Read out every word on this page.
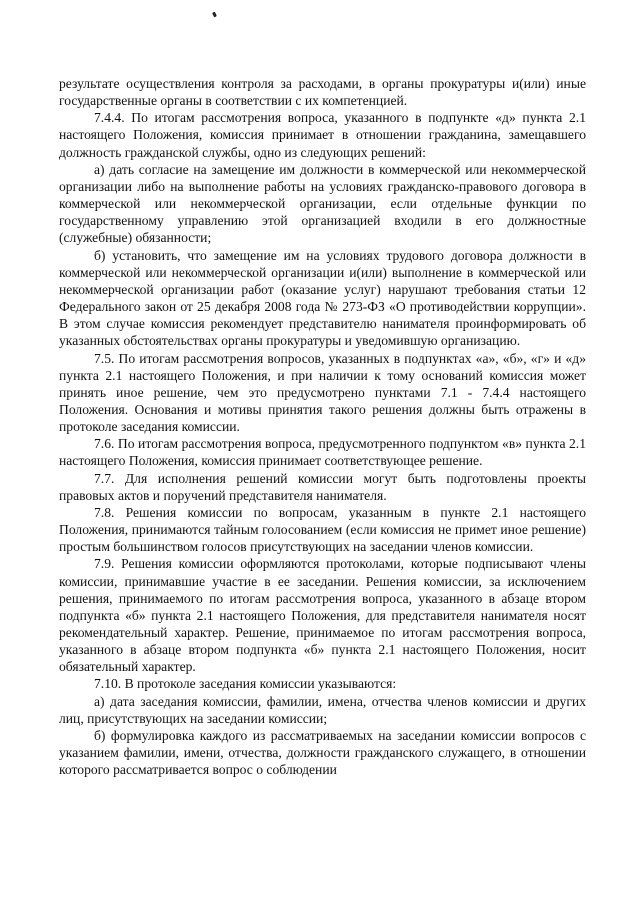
результате осуществления контроля за расходами, в органы прокуратуры и(или) иные государственные органы в соответствии с их компетенцией.

7.4.4. По итогам рассмотрения вопроса, указанного в подпункте «д» пункта 2.1 настоящего Положения, комиссия принимает в отношении гражданина, замещавшего должность гражданской службы, одно из следующих решений:

а) дать согласие на замещение им должности в коммерческой или некоммерческой организации либо на выполнение работы на условиях гражданско-правового договора в коммерческой или некоммерческой организации, если отдельные функции по государственному управлению этой организацией входили в его должностные (служебные) обязанности;

б) установить, что замещение им на условиях трудового договора должности в коммерческой или некоммерческой организации и(или) выполнение в коммерческой или некоммерческой организации работ (оказание услуг) нарушают требования статьи 12 Федерального закон от 25 декабря 2008 года № 273-ФЗ «О противодействии коррупции». В этом случае комиссия рекомендует представителю нанимателя проинформировать об указанных обстоятельствах органы прокуратуры и уведомившую организацию.

7.5. По итогам рассмотрения вопросов, указанных в подпунктах «а», «б», «г» и «д» пункта 2.1 настоящего Положения, и при наличии к тому оснований комиссия может принять иное решение, чем это предусмотрено пунктами 7.1 - 7.4.4 настоящего Положения. Основания и мотивы принятия такого решения должны быть отражены в протоколе заседания комиссии.

7.6. По итогам рассмотрения вопроса, предусмотренного подпунктом «в» пункта 2.1 настоящего Положения, комиссия принимает соответствующее решение.

7.7. Для исполнения решений комиссии могут быть подготовлены проекты правовых актов и поручений представителя нанимателя.

7.8. Решения комиссии по вопросам, указанным в пункте 2.1 настоящего Положения, принимаются тайным голосованием (если комиссия не примет иное решение) простым большинством голосов присутствующих на заседании членов комиссии.

7.9. Решения комиссии оформляются протоколами, которые подписывают члены комиссии, принимавшие участие в ее заседании. Решения комиссии, за исключением решения, принимаемого по итогам рассмотрения вопроса, указанного в абзаце втором подпункта «б» пункта 2.1 настоящего Положения, для представителя нанимателя носят рекомендательный характер. Решение, принимаемое по итогам рассмотрения вопроса, указанного в абзаце втором подпункта «б» пункта 2.1 настоящего Положения, носит обязательный характер.

7.10. В протоколе заседания комиссии указываются:

а) дата заседания комиссии, фамилии, имена, отчества членов комиссии и других лиц, присутствующих на заседании комиссии;

б) формулировка каждого из рассматриваемых на заседании комиссии вопросов с указанием фамилии, имени, отчества, должности гражданского служащего, в отношении которого рассматривается вопрос о соблюдении
